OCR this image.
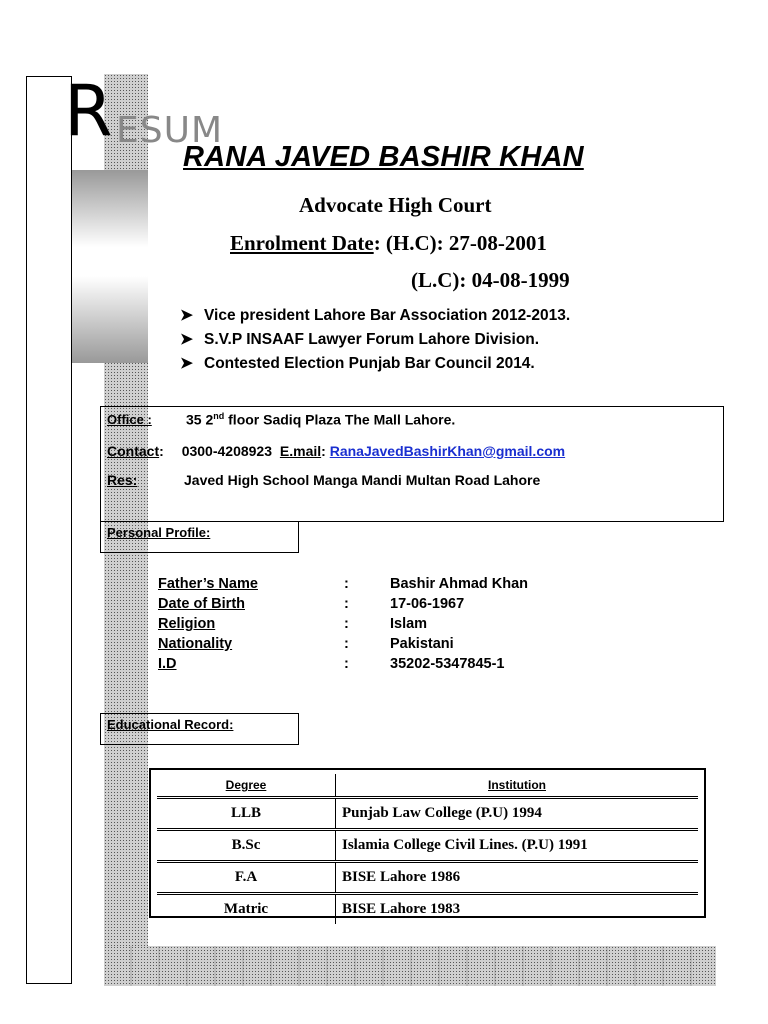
R ESUM
RANA JAVED BASHIR KHAN
Advocate High Court
Enrolment Date: (H.C): 27-08-2001
(L.C): 04-08-1999
➤ Vice president Lahore Bar Association 2012-2013.
➤ S.V.P INSAAF Lawyer Forum Lahore Division.
➤ Contested Election Punjab Bar Council 2014.
Office : 35 2nd floor Sadiq Plaza The Mall Lahore.
Contact: 0300-4208923 E.mail: RanaJavedBashirKhan@gmail.com
Res:	Javed High School Manga Mandi Multan Road Lahore
Personal Profile:
Father’s Name	:	Bashir Ahmad Khan
Date of Birth	:	17-06-1967
Religion	:	Islam
Nationality	:	Pakistani
I.D	:	35202-5347845-1
Educational Record:
Degree	Institution
LLB	Punjab Law College (P.U) 1994
B.Sc	Islamia College Civil Lines. (P.U) 1991
F.A	BISE Lahore 1986
Matric	BISE Lahore 1983
